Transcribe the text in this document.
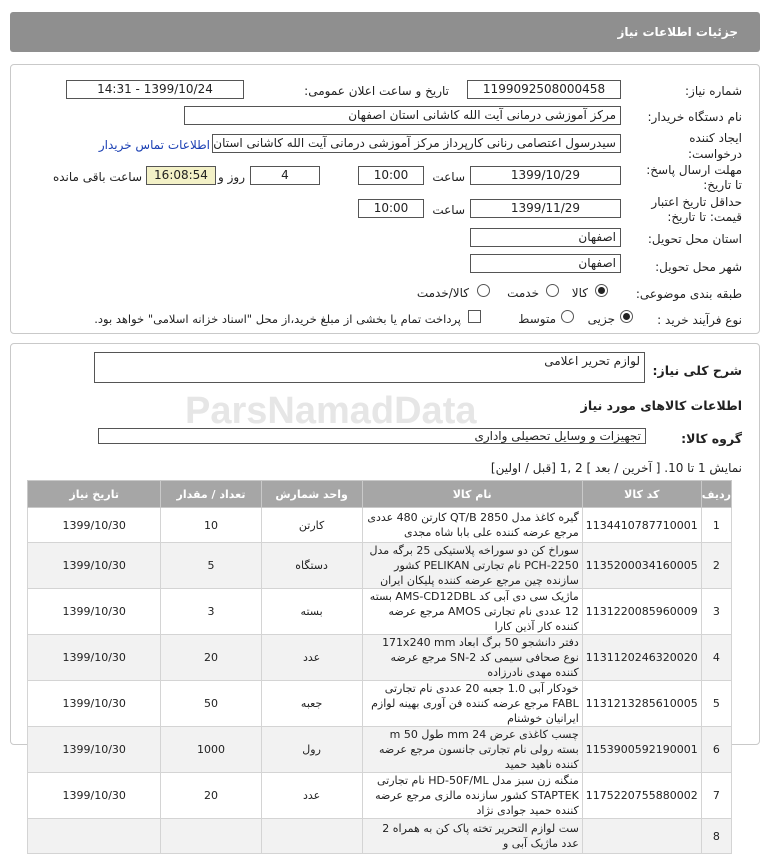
جزئیات اطلاعات نیاز
شماره نیاز:
1199092508000458
تاریخ و ساعت اعلان عمومی:
1399/10/24 - 14:31
نام دستگاه خریدار:
مرکز آموزشی درمانی آیت الله کاشانی استان اصفهان
ایجاد کننده
درخواست:
سیدرسول اعتصامی رنانی کارپرداز مرکز آموزشی درمانی آیت الله کاشانی استان
اطلاعات تماس خریدار
مهلت ارسال پاسخ:
تا تاریخ:
1399/10/29
ساعت
10:00
4
روز و
16:08:54
ساعت باقی مانده
حداقل تاریخ اعتبار
قیمت: تا تاریخ:
1399/11/29
ساعت
10:00
استان محل تحویل:
اصفهان
شهر محل تحویل:
اصفهان
طبقه بندی موضوعی:
کالا
خدمت
کالا/خدمت
نوع فرآیند خرید :
جزیی
متوسط
پرداخت تمام یا بخشی از مبلغ خرید،از محل "اسناد خزانه اسلامی" خواهد بود.
شرح کلی نیاز:
لوازم تحریر اعلامی
اطلاعات کالاهای مورد نیاز
گروه کالا:
تجهیزات و وسایل تحصیلی واداری
نمایش 1 تا 10. [ آخرین / بعد ] 2 ,1 [قبل / اولین]
ParsNamadData
ردیف	کد کالا	نام کالا	واحد شمارش	تعداد / مقدار	تاریخ نیاز
1	1134410787710001	گیره کاغذ مدل QT/B 2850 کارتن 480 عددی مرجع عرضه کننده علی بابا شاه مجدی	کارتن	10	1399/10/30
2	1135200034160005	سوراخ کن دو سوراخه پلاستیکی 25 برگه مدل PCH-2250 نام تجارتی PELIKAN کشور سازنده چین مرجع عرضه کننده پلیکان ایران	دستگاه	5	1399/10/30
3	1131220085960009	ماژیک سی دی آبی کد AMS-CD12DBL بسته 12 عددی نام تجارتی AMOS مرجع عرضه کننده کار آذین کارا	بسته	3	1399/10/30
4	1131120246320020	دفتر دانشجو 50 برگ ابعاد 171x240 mm نوع صحافی سیمی کد SN-2 مرجع عرضه کننده مهدی نادرزاده	عدد	20	1399/10/30
5	1131213285610005	خودکار آبی 1.0 جعبه 20 عددی نام تجارتی FABL مرجع عرضه کننده فن آوری بهینه لوازم ایرانیان خوشنام	جعبه	50	1399/10/30
6	1153900592190001	چسب کاغذی عرض 24 mm طول 50 m بسته رولی نام تجارتی جانسون مرجع عرضه کننده ناهید حمید	رول	1000	1399/10/30
7	1175220755880002	منگنه زن سبز مدل HD-50F/ML نام تجارتی STAPTEK کشور سازنده مالزی مرجع عرضه کننده حمید جوادی نژاد	عدد	20	1399/10/30
8		ست لوازم التحریر تخته پاک کن به همراه 2 عدد ماژیک آبی و			
